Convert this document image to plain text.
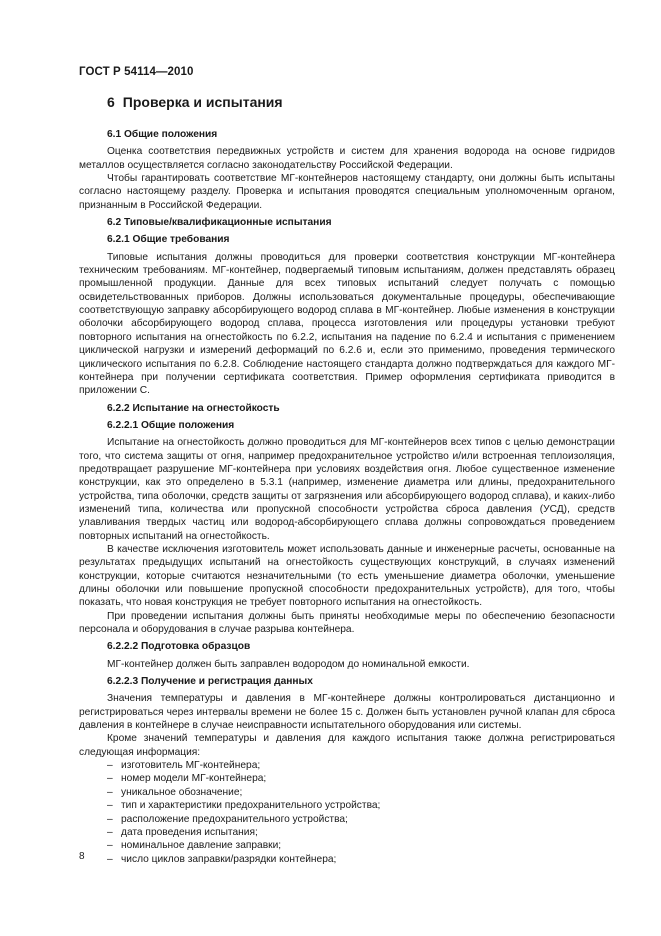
ГОСТ Р 54114—2010
6 Проверка и испытания

6.1 Общие положения

Оценка соответствия передвижных устройств и систем для хранения водорода на основе гидридов металлов осуществляется согласно законодательству Российской Федерации.

Чтобы гарантировать соответствие МГ-контейнеров настоящему стандарту, они должны быть испытаны согласно настоящему разделу. Проверка и испытания проводятся специальным уполномоченным органом, признанным в Российской Федерации.

6.2 Типовые/квалификационные испытания

6.2.1 Общие требования

Типовые испытания должны проводиться для проверки соответствия конструкции МГ-контейнера техническим требованиям. МГ-контейнер, подвергаемый типовым испытаниям, должен представлять образец промышленной продукции. Данные для всех типовых испытаний следует получать с помощью освидетельствованных приборов. Должны использоваться документальные процедуры, обеспечивающие соответствующую заправку абсорбирующего водород сплава в МГ-контейнер. Любые изменения в конструкции оболочки абсорбирующего водород сплава, процесса изготовления или процедуры установки требуют повторного испытания на огнестойкость по 6.2.2, испытания на падение по 6.2.4 и испытания с применением циклической нагрузки и измерений деформаций по 6.2.6 и, если это применимо, проведения термического циклического испытания по 6.2.8. Соблюдение настоящего стандарта должно подтверждаться для каждого МГ-контейнера при получении сертификата соответствия. Пример оформления сертификата приводится в приложении С.

6.2.2 Испытание на огнестойкость

6.2.2.1 Общие положения

Испытание на огнестойкость должно проводиться для МГ-контейнеров всех типов с целью демонстрации того, что система защиты от огня, например предохранительное устройство и/или встроенная теплоизоляция, предотвращает разрушение МГ-контейнера при условиях воздействия огня. Любое существенное изменение конструкции, как это определено в 5.3.1 (например, изменение диаметра или длины, предохранительного устройства, типа оболочки, средств защиты от загрязнения или абсорбирующего водород сплава), и каких-либо изменений типа, количества или пропускной способности устройства сброса давления (УСД), средств улавливания твердых частиц или водород-абсорбирующего сплава должны сопровождаться проведением повторных испытаний на огнестойкость.

В качестве исключения изготовитель может использовать данные и инженерные расчеты, основанные на результатах предыдущих испытаний на огнестойкость существующих конструкций, в случаях изменений конструкции, которые считаются незначительными (то есть уменьшение диаметра оболочки, уменьшение длины оболочки или повышение пропускной способности предохранительных устройств), для того, чтобы показать, что новая конструкция не требует повторного испытания на огнестойкость.

При проведении испытания должны быть приняты необходимые меры по обеспечению безопасности персонала и оборудования в случае разрыва контейнера.

6.2.2.2 Подготовка образцов

МГ-контейнер должен быть заправлен водородом до номинальной емкости.

6.2.2.3 Получение и регистрация данных

Значения температуры и давления в МГ-контейнере должны контролироваться дистанционно и регистрироваться через интервалы времени не более 15 с. Должен быть установлен ручной клапан для сброса давления в контейнере в случае неисправности испытательного оборудования или системы.

Кроме значений температуры и давления для каждого испытания также должна регистрироваться следующая информация:

– изготовитель МГ-контейнера;
– номер модели МГ-контейнера;
– уникальное обозначение;
– тип и характеристики предохранительного устройства;
– расположение предохранительного устройства;
– дата проведения испытания;
– номинальное давление заправки;
– число циклов заправки/разрядки контейнера;
8
